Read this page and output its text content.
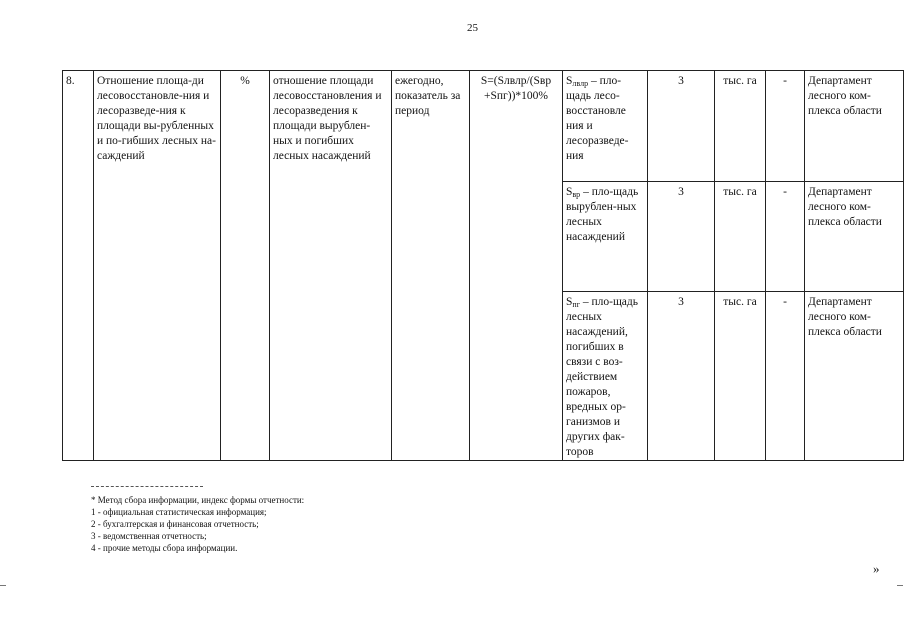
25
8.	Отношение площа-ди лесовосстановле-ния и лесоразведе-ния к площади вы-рубленных и по-гибших лесных на-саждений	%	отношение площади лесовосстановления и лесоразведения к площади вырублен-ных и погибших лесных насаждений	ежегодно, показатель за период	S=(Sлвлр/(Sвр +Sпг))*100%	Sлвлр – пло-щадь лесо-восстановле ния и лесоразведе-ния	3	тыс. га	-	Департамент лесного ком-плекса области
						Sвр – пло-щадь вырублен-ных лесных насаждений	3	тыс. га	-	Департамент лесного ком-плекса области
						Sпг – пло-щадь лесных насаждений, погибших в связи с воз-действием пожаров, вредных ор-ганизмов и других фак-торов	3	тыс. га	-	Департамент лесного ком-плекса области
* Метод сбора информации, индекс формы отчетности:
1 - официальная статистическая информация;
2 - бухгалтерская и финансовая отчетность;
3 - ведомственная отчетность;
4 - прочие методы сбора информации.
»
